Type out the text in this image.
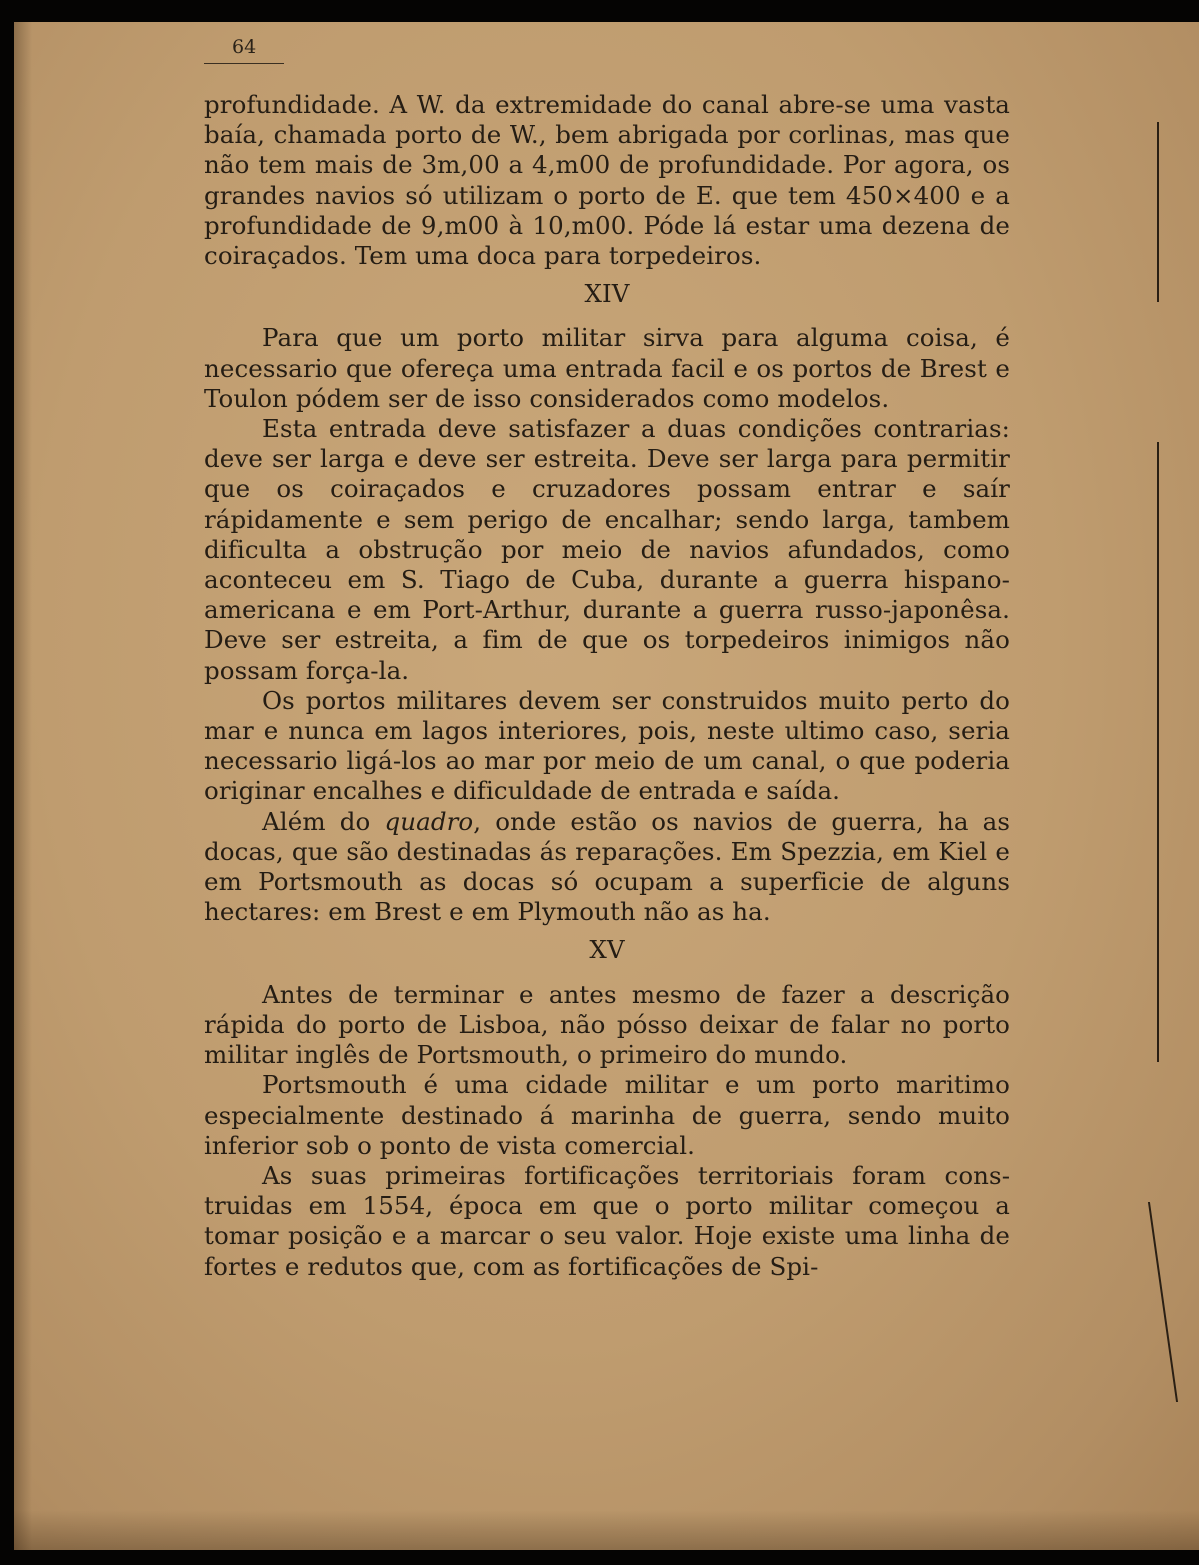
64

profundidade. A W. da extremidade do canal abre-se uma vasta baía, chamada porto de W., bem abrigada por corlinas, mas que não tem mais de 3m,00 a 4,m00 de profundidade. Por agora, os grandes navios só utilizam o porto de E. que tem 450×400 e a profundidade de 9,m00 à 10,m00. Póde lá estar uma dezena de coiraçados. Tem uma doca para torpedeiros.

XIV

Para que um porto militar sirva para alguma coisa, é necessario que ofereça uma entrada facil e os portos de Brest e Toulon pódem ser de isso considerados como modelos.

Esta entrada deve satisfazer a duas condições contrarias: deve ser larga e deve ser estreita. Deve ser larga para permitir que os coiraçados e cruzadores possam entrar e saír rápidamente e sem perigo de encalhar; sendo larga, tambem dificulta a obstrução por meio de navios afundados, como aconteceu em S. Tiago de Cuba, durante a guerra hispano-americana e em Port-Arthur, durante a guerra russo-japonêsa. Deve ser estreita, a fim de que os torpedeiros inimigos não possam força-la.

Os portos militares devem ser construidos muito perto do mar e nunca em lagos interiores, pois, neste ultimo caso, seria necessario ligá-los ao mar por meio de um canal, o que poderia originar encalhes e dificuldade de entrada e saída.

Além do quadro, onde estão os navios de guerra, ha as docas, que são destinadas ás reparações. Em Spezzia, em Kiel e em Portsmouth as docas só ocupam a superficie de alguns hectares: em Brest e em Plymouth não as ha.

XV

Antes de terminar e antes mesmo de fazer a descrição rápida do porto de Lisboa, não pósso deixar de falar no porto militar inglês de Portsmouth, o primeiro do mundo.

Portsmouth é uma cidade militar e um porto maritimo especialmente destinado á marinha de guerra, sendo muito inferior sob o ponto de vista comercial.

As suas primeiras fortificações territoriais foram construidas em 1554, época em que o porto militar começou a tomar posição e a marcar o seu valor. Hoje existe uma linha de fortes e redutos que, com as fortificações de Spi-
